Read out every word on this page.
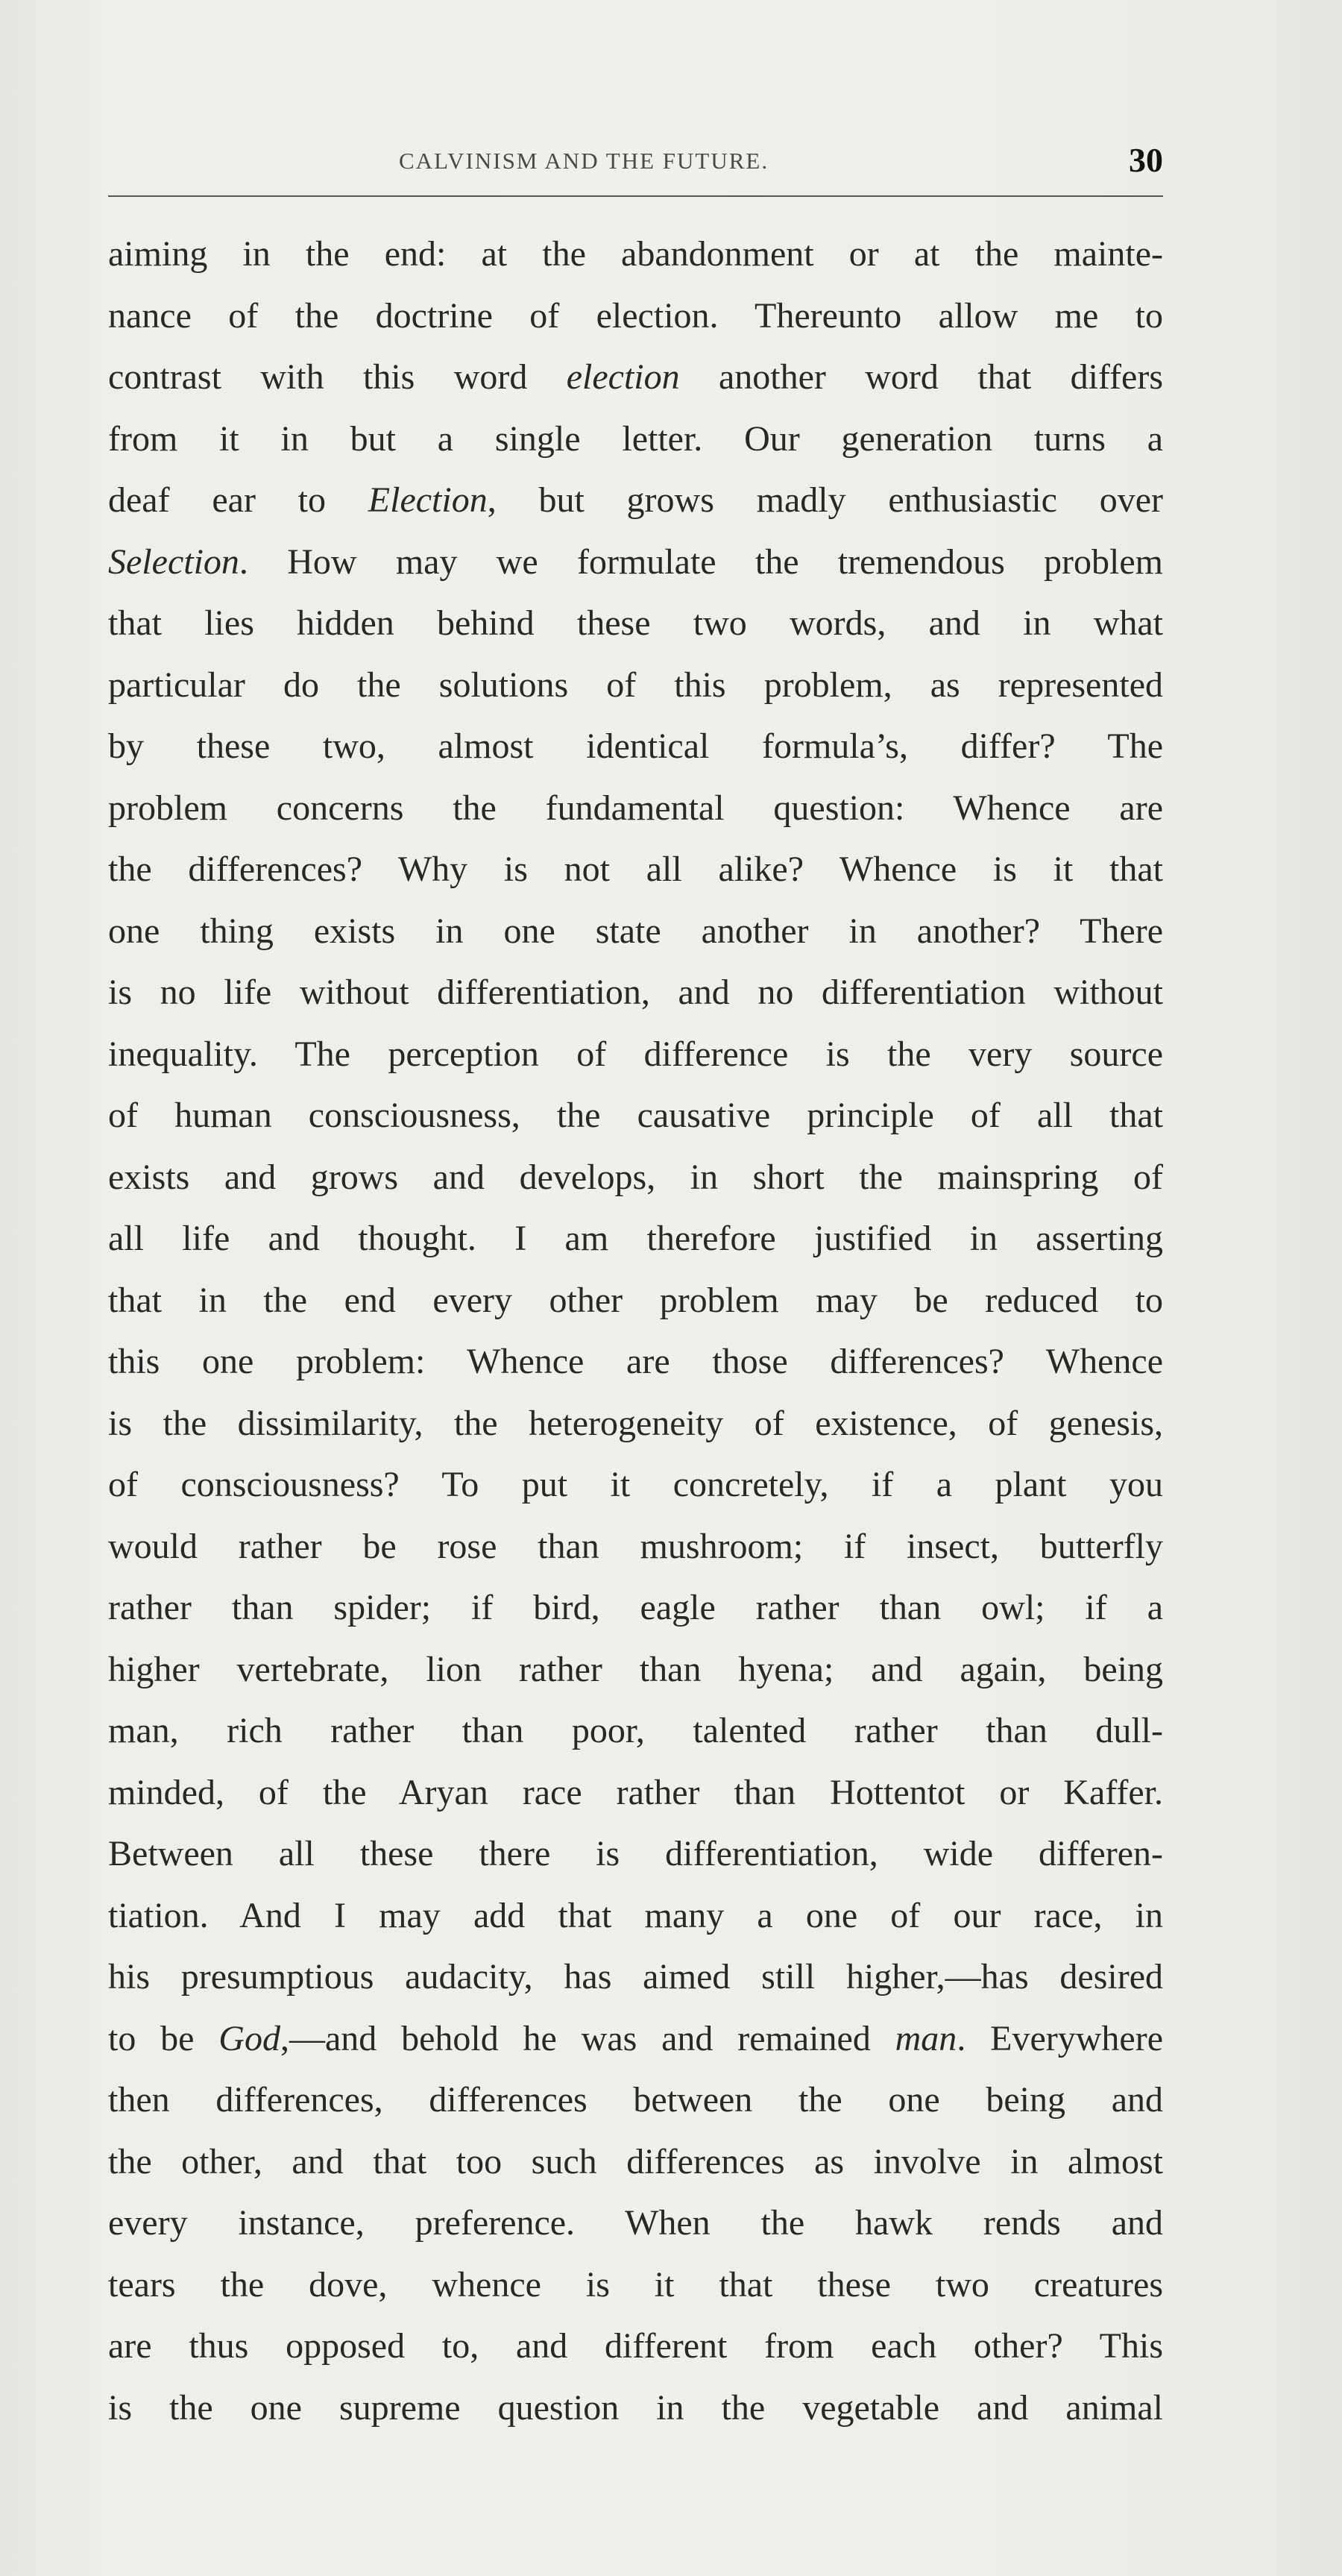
CALVINISM AND THE FUTURE.	30
aiming in the end: at the abandonment or at the mainte-
nance of the doctrine of election. Thereunto allow me to
contrast with this word election another word that differs
from it in but a single letter. Our generation turns a
deaf ear to Election, but grows madly enthusiastic over
Selection. How may we formulate the tremendous problem
that lies hidden behind these two words, and in what
particular do the solutions of this problem, as represented
by these two, almost identical formula’s, differ? The
problem concerns the fundamental question: Whence are
the differences? Why is not all alike? Whence is it that
one thing exists in one state another in another? There
is no life without differentiation, and no differentiation without
inequality. The perception of difference is the very source
of human consciousness, the causative principle of all that
exists and grows and develops, in short the mainspring of
all life and thought. I am therefore justified in asserting
that in the end every other problem may be reduced to
this one problem: Whence are those differences? Whence
is the dissimilarity, the heterogeneity of existence, of genesis,
of consciousness? To put it concretely, if a plant you
would rather be rose than mushroom; if insect, butterfly
rather than spider; if bird, eagle rather than owl; if a
higher vertebrate, lion rather than hyena; and again, being
man, rich rather than poor, talented rather than dull-
minded, of the Aryan race rather than Hottentot or Kaffer.
Between all these there is differentiation, wide differen-
tiation. And I may add that many a one of our race, in
his presumptious audacity, has aimed still higher,—has desired
to be God,—and behold he was and remained man. Everywhere
then differences, differences between the one being and
the other, and that too such differences as involve in almost
every instance, preference. When the hawk rends and
tears the dove, whence is it that these two creatures
are thus opposed to, and different from each other? This
is the one supreme question in the vegetable and animal
